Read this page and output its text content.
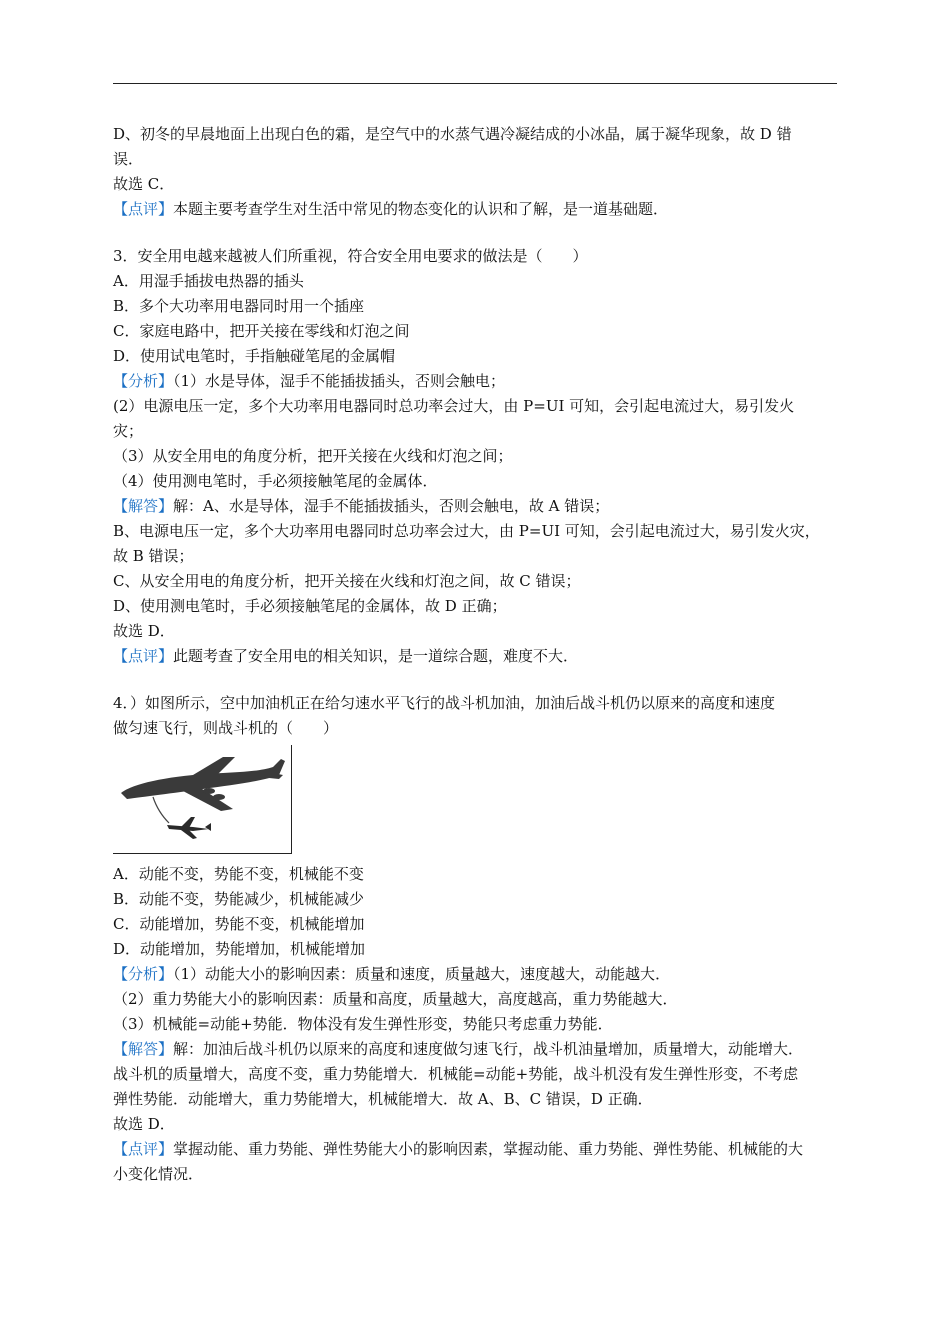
D、初冬的早晨地面上出现白色的霜，是空气中的水蒸气遇冷凝结成的小冰晶，属于凝华现象，故 D 错
误．
故选 C．
【点评】本题主要考查学生对生活中常见的物态变化的认识和了解，是一道基础题．
3．安全用电越来越被人们所重视，符合安全用电要求的做法是（　　）
A．用湿手插拔电热器的插头
B．多个大功率用电器同时用一个插座
C．家庭电路中，把开关接在零线和灯泡之间
D．使用试电笔时，手指触碰笔尾的金属帽
【分析】（1）水是导体，湿手不能插拔插头，否则会触电；
(2）电源电压一定，多个大功率用电器同时总功率会过大，由 P=UI 可知，会引起电流过大，易引发火
灾；
（3）从安全用电的角度分析，把开关接在火线和灯泡之间；
（4）使用测电笔时，手必须接触笔尾的金属体．
【解答】解：A、水是导体，湿手不能插拔插头，否则会触电，故 A 错误；
B、电源电压一定，多个大功率用电器同时总功率会过大，由 P=UI 可知，会引起电流过大，易引发火灾，
故 B 错误；
C、从安全用电的角度分析，把开关接在火线和灯泡之间，故 C 错误；
D、使用测电笔时，手必须接触笔尾的金属体，故 D 正确；
故选 D．
【点评】此题考查了安全用电的相关知识，是一道综合题，难度不大．
4．）如图所示，空中加油机正在给匀速水平飞行的战斗机加油，加油后战斗机仍以原来的高度和速度
做匀速飞行，则战斗机的（　　）
A．动能不变，势能不变，机械能不变
B．动能不变，势能减少，机械能减少
C．动能增加，势能不变，机械能增加
D．动能增加，势能增加，机械能增加
【分析】（1）动能大小的影响因素：质量和速度，质量越大，速度越大，动能越大．
（2）重力势能大小的影响因素：质量和高度，质量越大，高度越高，重力势能越大．
（3）机械能=动能+势能．物体没有发生弹性形变，势能只考虑重力势能．
【解答】解：加油后战斗机仍以原来的高度和速度做匀速飞行，战斗机油量增加，质量增大，动能增大．
战斗机的质量增大，高度不变，重力势能增大．机械能=动能+势能，战斗机没有发生弹性形变，不考虑
弹性势能．动能增大，重力势能增大，机械能增大．故 A、B、C 错误，D 正确．
故选 D．
【点评】掌握动能、重力势能、弹性势能大小的影响因素，掌握动能、重力势能、弹性势能、机械能的大
小变化情况．
